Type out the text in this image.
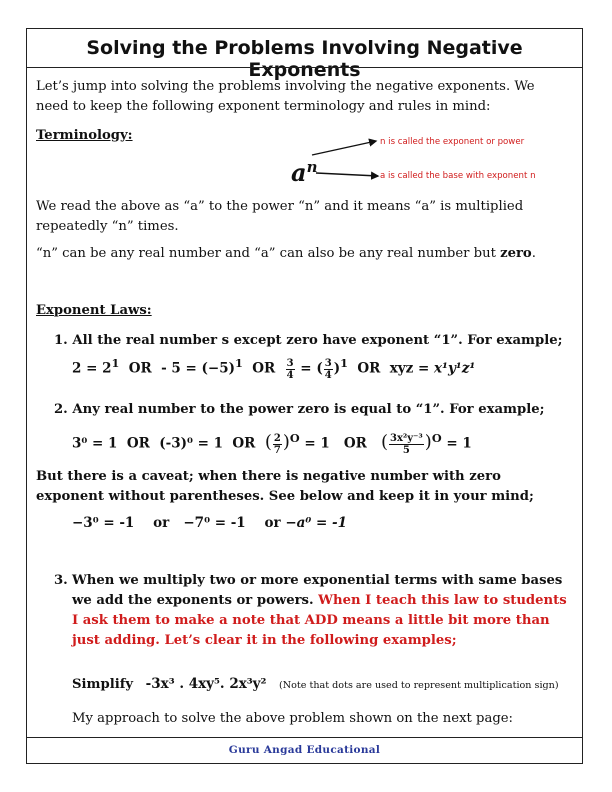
Solving the Problems Involving Negative Exponents
Let’s jump into solving the problems involving the negative exponents. We need to keep the following exponent terminology and rules in mind:
Terminology:
$a^n$
n is called the exponent or power
a is called the base with exponent n
We read the above as “a” to the power “n” and it means “a” is multiplied repeatedly “n” times.
“n” can be any real number and “a” can also be any real number but zero.
Exponent Laws:
1. All the real number s except zero have exponent “1”. For example;
$2 = 2^1$ OR - $5 = (-5)^1$ OR $\frac{3}{4}$ = ( $\frac{3}{4} )^1$ OR xyz = x¹y¹z¹
2. Any real number to the power zero is equal to “1”. For example;
3⁰ = 1 OR (-3)⁰ = 1 OR ( $\frac{2}{7} )^O = 1$ OR ( $\frac{\text{3x²y⁻³}}{5} )^O = 1$
But there is a caveat; when there is negative number with zero exponent without parentheses. See below and keep it in your mind;
−3⁰ = -1 or −7⁰ = -1 or −a⁰ = -1
3. When we multiply two or more exponential terms with same bases we add the exponents or powers. When I teach this law to students I ask them to make a note that ADD means a little bit more than just adding. Let’s clear it in the following examples;
Simplify -3x³ . 4xy⁵. 2x³y² (Note that dots are used to represent multiplication sign)
My approach to solve the above problem shown on the next page:
Guru Angad Educational
